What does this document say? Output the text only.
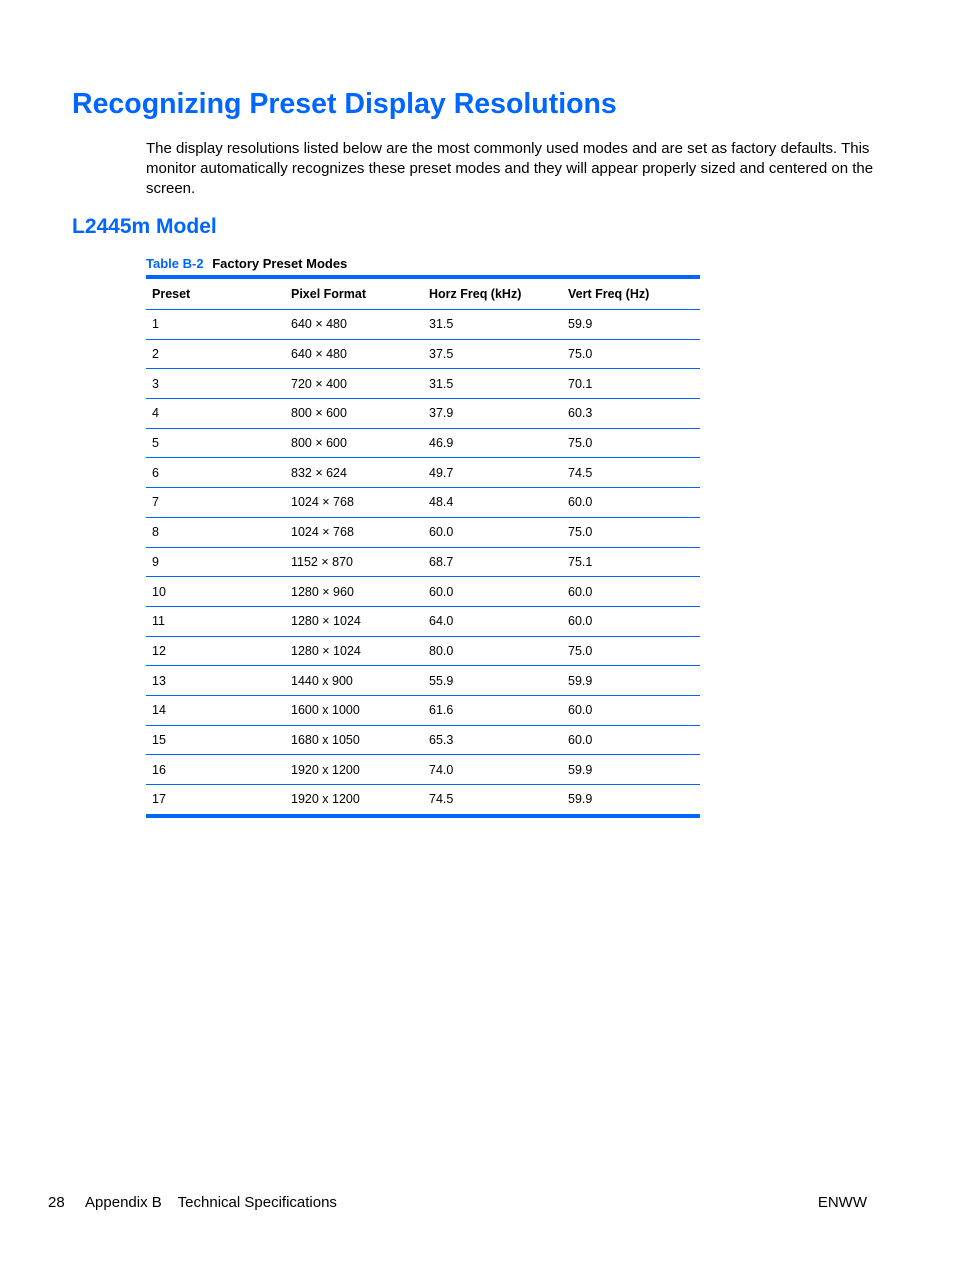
Recognizing Preset Display Resolutions

The display resolutions listed below are the most commonly used modes and are set as factory defaults. This monitor automatically recognizes these preset modes and they will appear properly sized and centered on the screen.

L2445m Model
Table B-2 Factory Preset Modes
Preset	Pixel Format	Horz Freq (kHz)	Vert Freq (Hz)
1	640 × 480	31.5	59.9
2	640 × 480	37.5	75.0
3	720 × 400	31.5	70.1
4	800 × 600	37.9	60.3
5	800 × 600	46.9	75.0
6	832 × 624	49.7	74.5
7	1024 × 768	48.4	60.0
8	1024 × 768	60.0	75.0
9	1152 × 870	68.7	75.1
10	1280 × 960	60.0	60.0
11	1280 × 1024	64.0	60.0
12	1280 × 1024	80.0	75.0
13	1440 x 900	55.9	59.9
14	1600 x 1000	61.6	60.0
15	1680 x 1050	65.3	60.0
16	1920 x 1200	74.0	59.9
17	1920 x 1200	74.5	59.9
28 Appendix B Technical Specifications	ENWW
